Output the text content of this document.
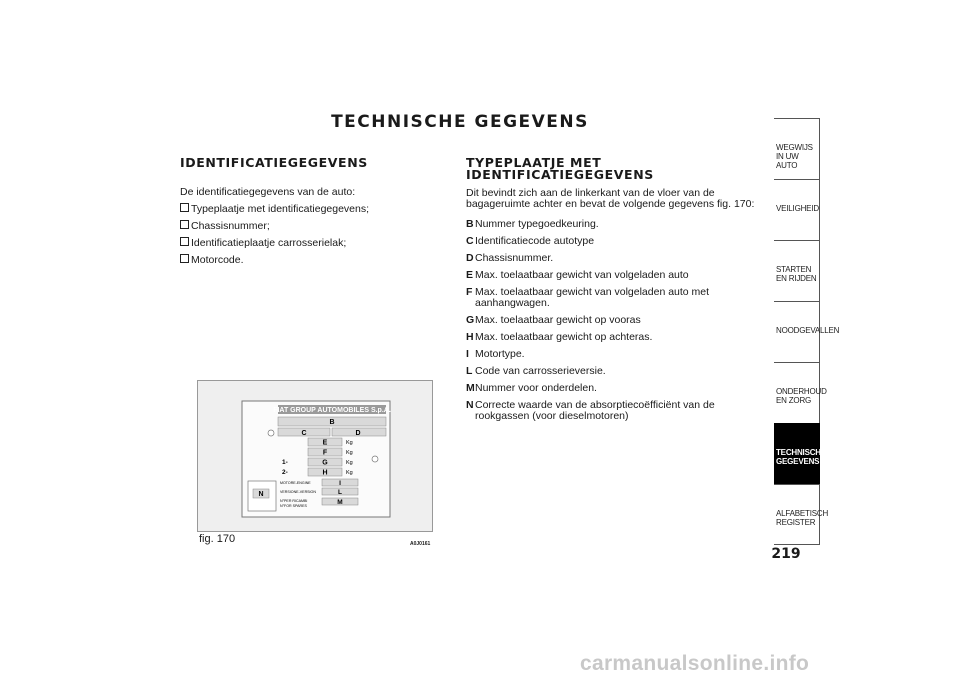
TECHNISCHE GEGEVENS
IDENTIFICATIEGEGEVENS
De identificatiegegevens van de auto:
Typeplaatje met identificatiegegevens;
Chassisnummer;
Identificatieplaatje carrosserielak;
Motorcode.
TYPEPLAATJE MET IDENTIFICATIEGEGEVENS
Dit bevindt zich aan de linkerkant van de vloer van de bagageruimte achter en bevat de volgende gegevens fig. 170:
B Nummer typegoedkeuring.
C Identificatiecode autotype
D Chassisnummer.
E Max. toelaatbaar gewicht van volgeladen auto
F Max. toelaatbaar gewicht van volgeladen auto met aanhangwagen.
G Max. toelaatbaar gewicht op vooras
H Max. toelaatbaar gewicht op achteras.
I Motortype.
L Code van carrosserieversie.
M Nummer voor onderdelen.
N Correcte waarde van de absorptiecoëfficiënt van de rookgassen (voor dieselmotoren)
FIAT GROUP AUTOMOBILES S.p.A.
B
C	D
E
F
G
H
Kg
Kg
Kg
Kg
1-
2-
N
MOTORE-ENGINE	I
VERSIONE-VERSION	L
N°PER RICAMBI
N°FOR SPARES	M
fig. 170	A0J0161
WEGWIJS IN UW AUTO
VEILIGHEID
STARTEN EN RIJDEN
NOODGEVALLEN
ONDERHOUD EN ZORG
TECHNISCHE GEGEVENS
ALFABETISCH REGISTER
219
carmanualsonline.info
